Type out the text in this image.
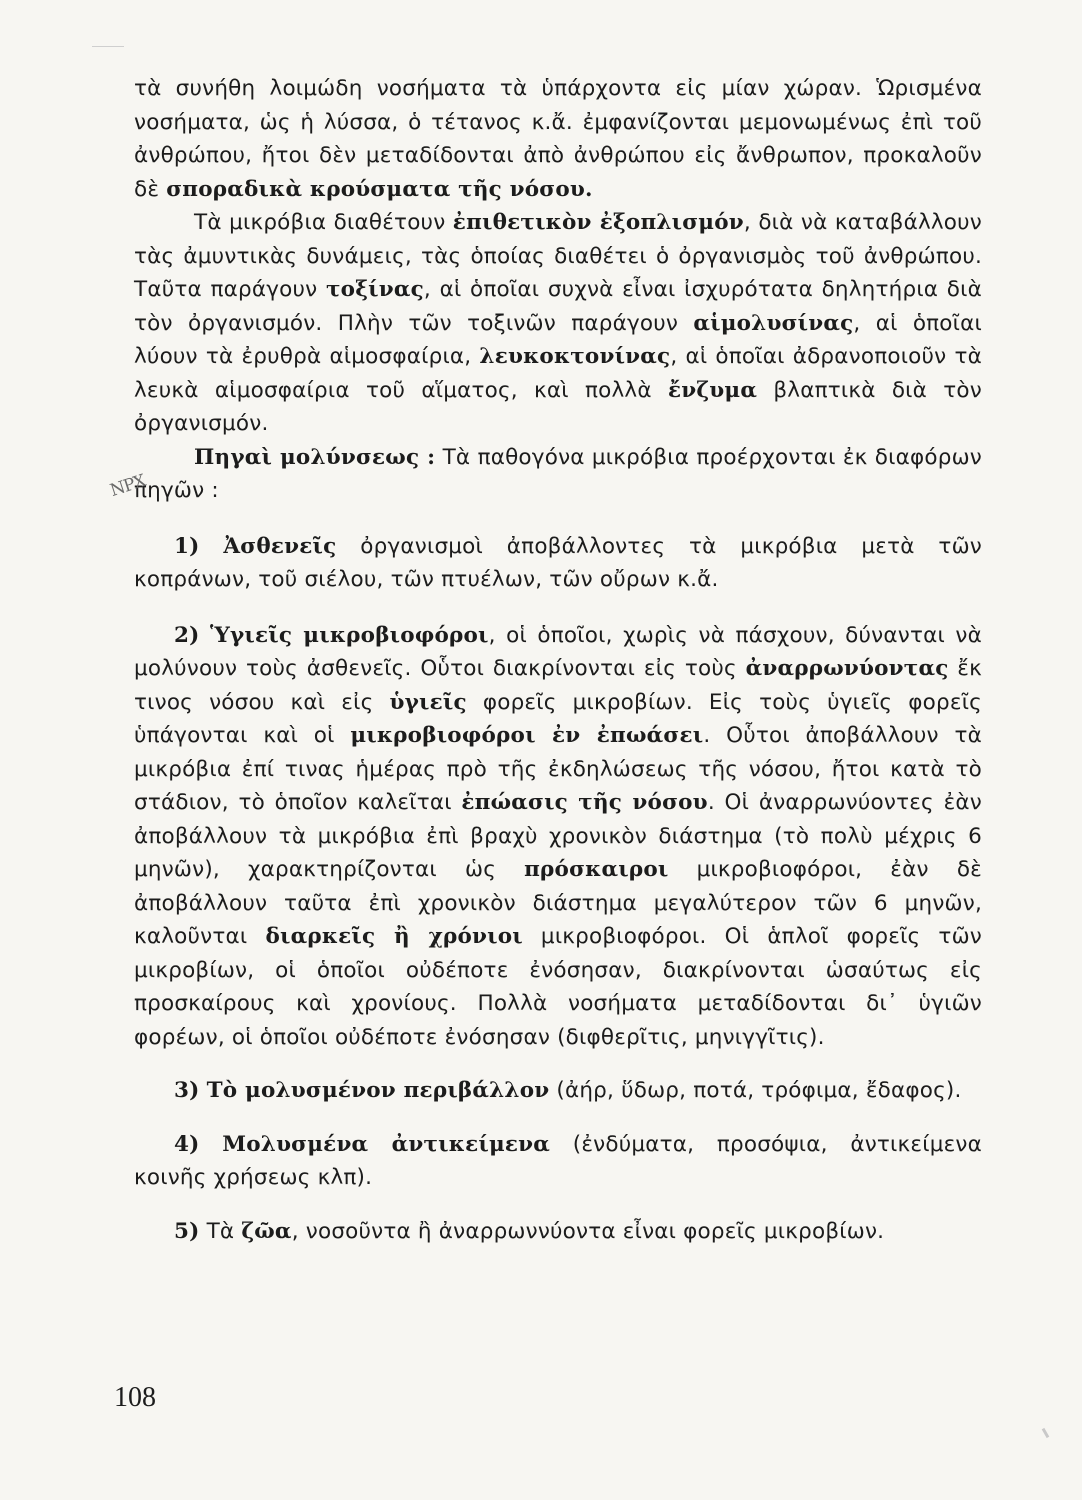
τὰ συνήθη λοιμώδη νοσήματα τὰ ὑπάρχοντα εἰς μίαν χώραν. Ὡρισμένα νοσήματα, ὡς ἡ λύσσα, ὁ τέτανος κ.ἄ. ἐμφανίζονται μεμονωμένως ἐπὶ τοῦ ἀνθρώπου, ἤτοι δὲν μεταδίδονται ἀπὸ ἀνθρώπου εἰς ἄνθρωπον, προκαλοῦν δὲ σποραδικὰ κρούσματα τῆς νόσου.

Τὰ μικρόβια διαθέτουν ἐπιθετικὸν ἐξοπλισμόν, διὰ νὰ καταβάλλουν τὰς ἀμυντικὰς δυνάμεις, τὰς ὁποίας διαθέτει ὁ ὀργανισμὸς τοῦ ἀνθρώπου. Ταῦτα παράγουν τοξίνας, αἱ ὁποῖαι συχνὰ εἶναι ἰσχυρότατα δηλητήρια διὰ τὸν ὀργανισμόν. Πλὴν τῶν τοξινῶν παράγουν αἱμολυσίνας, αἱ ὁποῖαι λύουν τὰ ἐρυθρὰ αἱμοσφαίρια, λευκοκτονίνας, αἱ ὁποῖαι ἀδρανοποιοῦν τὰ λευκὰ αἱμοσφαίρια τοῦ αἵματος, καὶ πολλὰ ἔνζυμα βλαπτικὰ διὰ τὸν ὀργανισμόν.

Πηγαὶ μολύνσεως : Τὰ παθογόνα μικρόβια προέρχονται ἐκ διαφόρων πηγῶν :

1) Ἀσθενεῖς ὀργανισμοὶ ἀποβάλλοντες τὰ μικρόβια μετὰ τῶν κοπράνων, τοῦ σιέλου, τῶν πτυέλων, τῶν οὔρων κ.ἄ.

2) Ὑγιεῖς μικροβιοφόροι, οἱ ὁποῖοι, χωρὶς νὰ πάσχουν, δύνανται νὰ μολύνουν τοὺς ἀσθενεῖς. Οὗτοι διακρίνονται εἰς τοὺς ἀναρρωνύοντας ἔκ τινος νόσου καὶ εἰς ὑγιεῖς φορεῖς μικροβίων. Εἰς τοὺς ὑγιεῖς φορεῖς ὑπάγονται καὶ οἱ μικροβιοφόροι ἐν ἐπωάσει. Οὗτοι ἀποβάλλουν τὰ μικρόβια ἐπί τινας ἡμέρας πρὸ τῆς ἐκδηλώσεως τῆς νόσου, ἤτοι κατὰ τὸ στάδιον, τὸ ὁποῖον καλεῖται ἐπώασις τῆς νόσου. Οἱ ἀναρρωνύοντες ἐὰν ἀποβάλλουν τὰ μικρόβια ἐπὶ βραχὺ χρονικὸν διάστημα (τὸ πολὺ μέχρις 6 μηνῶν), χαρακτηρίζονται ὡς πρόσκαιροι μικροβιοφόροι, ἐὰν δὲ ἀποβάλλουν ταῦτα ἐπὶ χρονικὸν διάστημα μεγαλύτερον τῶν 6 μηνῶν, καλοῦνται διαρκεῖς ἢ χρόνιοι μικροβιοφόροι. Οἱ ἁπλοῖ φορεῖς τῶν μικροβίων, οἱ ὁποῖοι οὐδέποτε ἐνόσησαν, διακρίνονται ὡσαύτως εἰς προσκαίρους καὶ χρονίους. Πολλὰ νοσήματα μεταδίδονται δι᾽ ὑγιῶν φορέων, οἱ ὁποῖοι οὐδέποτε ἐνόσησαν (διφθερῖτις, μηνιγγῖτις).

3) Τὸ μολυσμένον περιβάλλον (ἀήρ, ὕδωρ, ποτά, τρόφιμα, ἔδαφος).

4) Μολυσμένα ἀντικείμενα (ἐνδύματα, προσόψια, ἀντικείμενα κοινῆς χρήσεως κλπ).

5) Τὰ ζῶα, νοσοῦντα ἢ ἀναρρωννύοντα εἶναι φορεῖς μικροβίων.

ΝΡΧ
108
